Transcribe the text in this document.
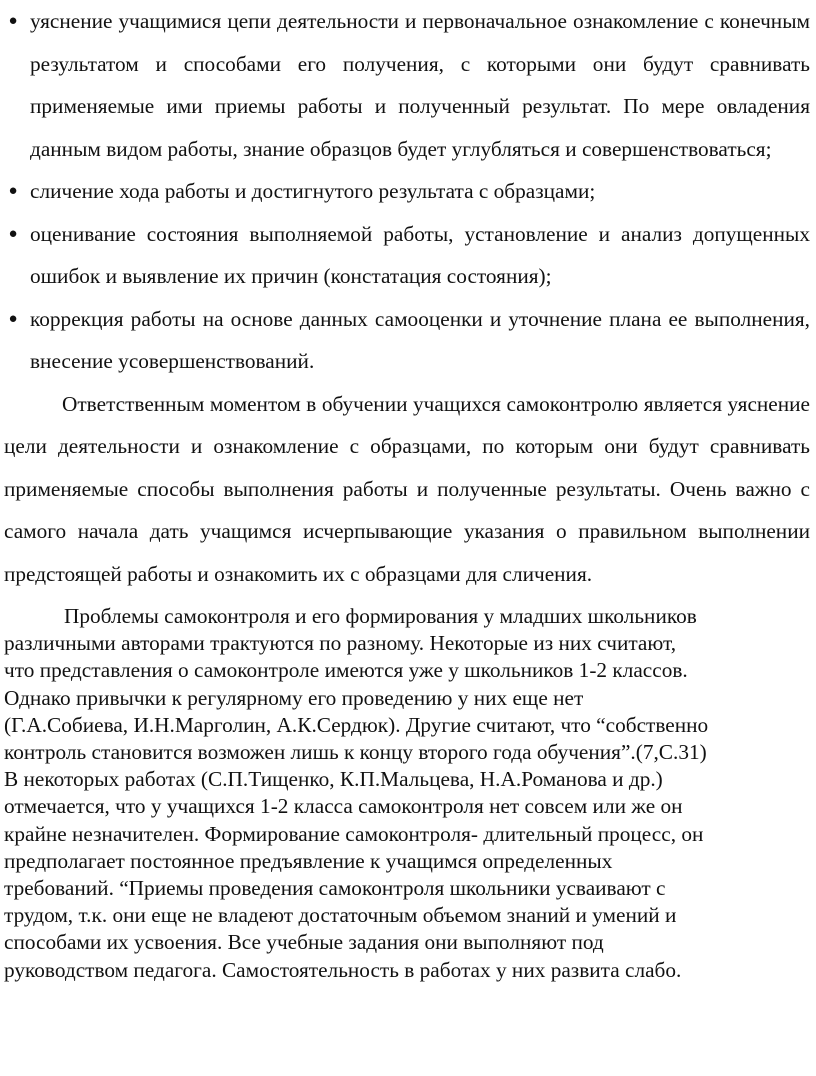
● уяснение учащимися цепи деятельности и первоначальное ознакомление с конечным результатом и способами его получения, с которыми они будут сравнивать применяемые ими приемы работы и полученный результат. По мере овладения данным видом работы, знание образцов будет углубляться и совершенствоваться;
● сличение хода работы и достигнутого результата с образцами;
● оценивание состояния выполняемой работы, установление и анализ допущенных ошибок и выявление их причин (констатация состояния);
● коррекция работы на основе данных самооценки и уточнение плана ее выполнения, внесение усовершенствований.

Ответственным моментом в обучении учащихся самоконтролю является уяснение цели деятельности и ознакомление с образцами, по которым они будут сравнивать применяемые способы выполнения работы и полученные результаты. Очень важно с самого начала дать учащимся исчерпывающие указания о правильном выполнении предстоящей работы и ознакомить их с образцами для сличения.

Проблемы самоконтроля и его формирования у младших школьников
различными авторами трактуются по разному. Некоторые из них считают,
что представления о самоконтроле имеются уже у школьников 1-2 классов.
Однако привычки к регулярному его проведению у них еще нет
(Г.А.Собиева, И.Н.Марголин, А.К.Сердюк). Другие считают, что “собственно
контроль становится возможен лишь к концу второго года обучения”.(7,С.31)
В некоторых работах (С.П.Тищенко, К.П.Мальцева, Н.А.Романова и др.)
отмечается, что у учащихся 1-2 класса самоконтроля нет совсем или же он
крайне незначителен. Формирование самоконтроля- длительный процесс, он
предполагает постоянное предъявление к учащимся определенных
требований. “Приемы проведения самоконтроля школьники усваивают с
трудом, т.к. они еще не владеют достаточным объемом знаний и умений и
способами их усвоения. Все учебные задания они выполняют под
руководством педагога. Самостоятельность в работах у них развита слабо.
